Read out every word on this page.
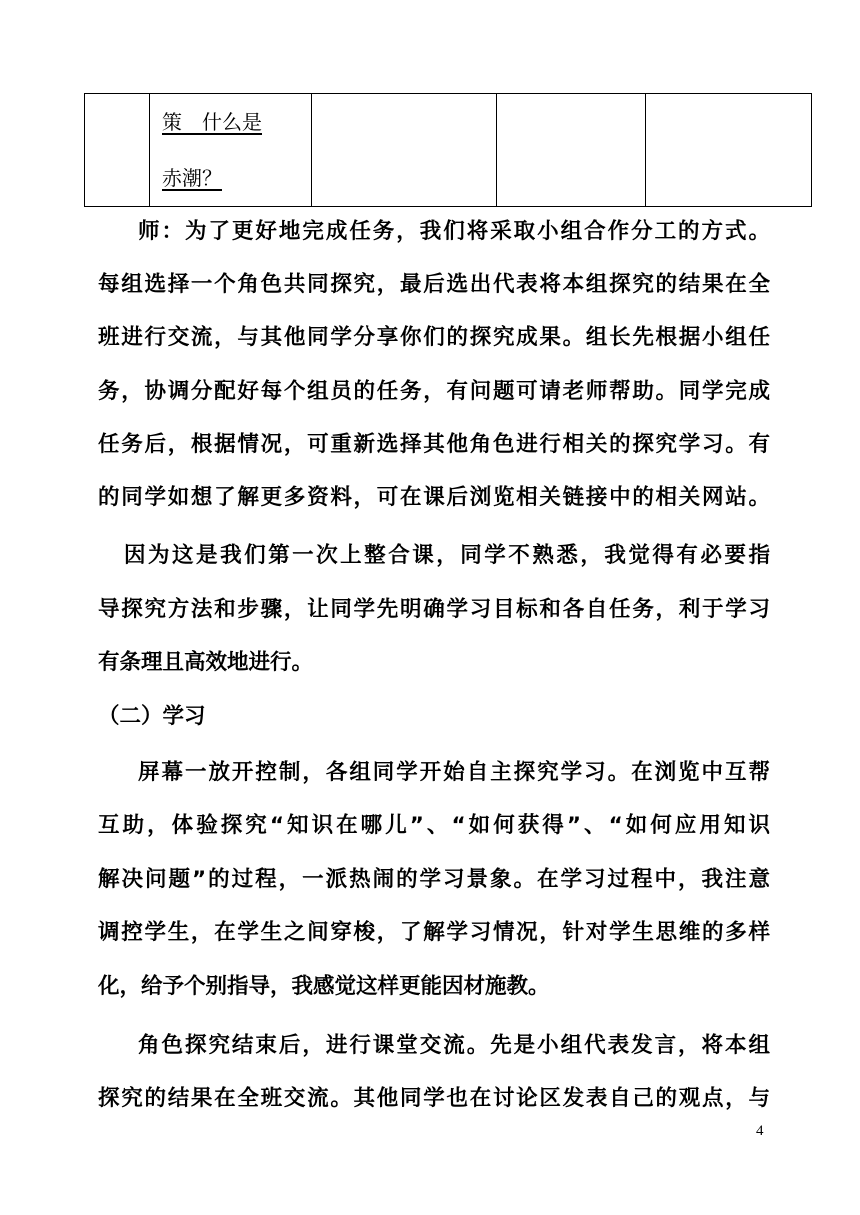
策　什么是
赤潮？

师：为了更好地完成任务，我们将采取小组合作分工的方式。
每组选择一个角色共同探究，最后选出代表将本组探究的结果在全
班进行交流，与其他同学分享你们的探究成果。组长先根据小组任
务，协调分配好每个组员的任务，有问题可请老师帮助。同学完成
任务后，根据情况，可重新选择其他角色进行相关的探究学习。有
的同学如想了解更多资料，可在课后浏览相关链接中的相关网站。
因为这是我们第一次上整合课，同学不熟悉，我觉得有必要指
导探究方法和步骤，让同学先明确学习目标和各自任务，利于学习
有条理且高效地进行。
（二）学习
屏幕一放开控制，各组同学开始自主探究学习。在浏览中互帮
互助，体验探究“知识在哪儿”、“如何获得”、“如何应用知识
解决问题”的过程，一派热闹的学习景象。在学习过程中，我注意
调控学生，在学生之间穿梭，了解学习情况，针对学生思维的多样
化，给予个别指导，我感觉这样更能因材施教。
角色探究结束后，进行课堂交流。先是小组代表发言，将本组
探究的结果在全班交流。其他同学也在讨论区发表自己的观点，与
4
